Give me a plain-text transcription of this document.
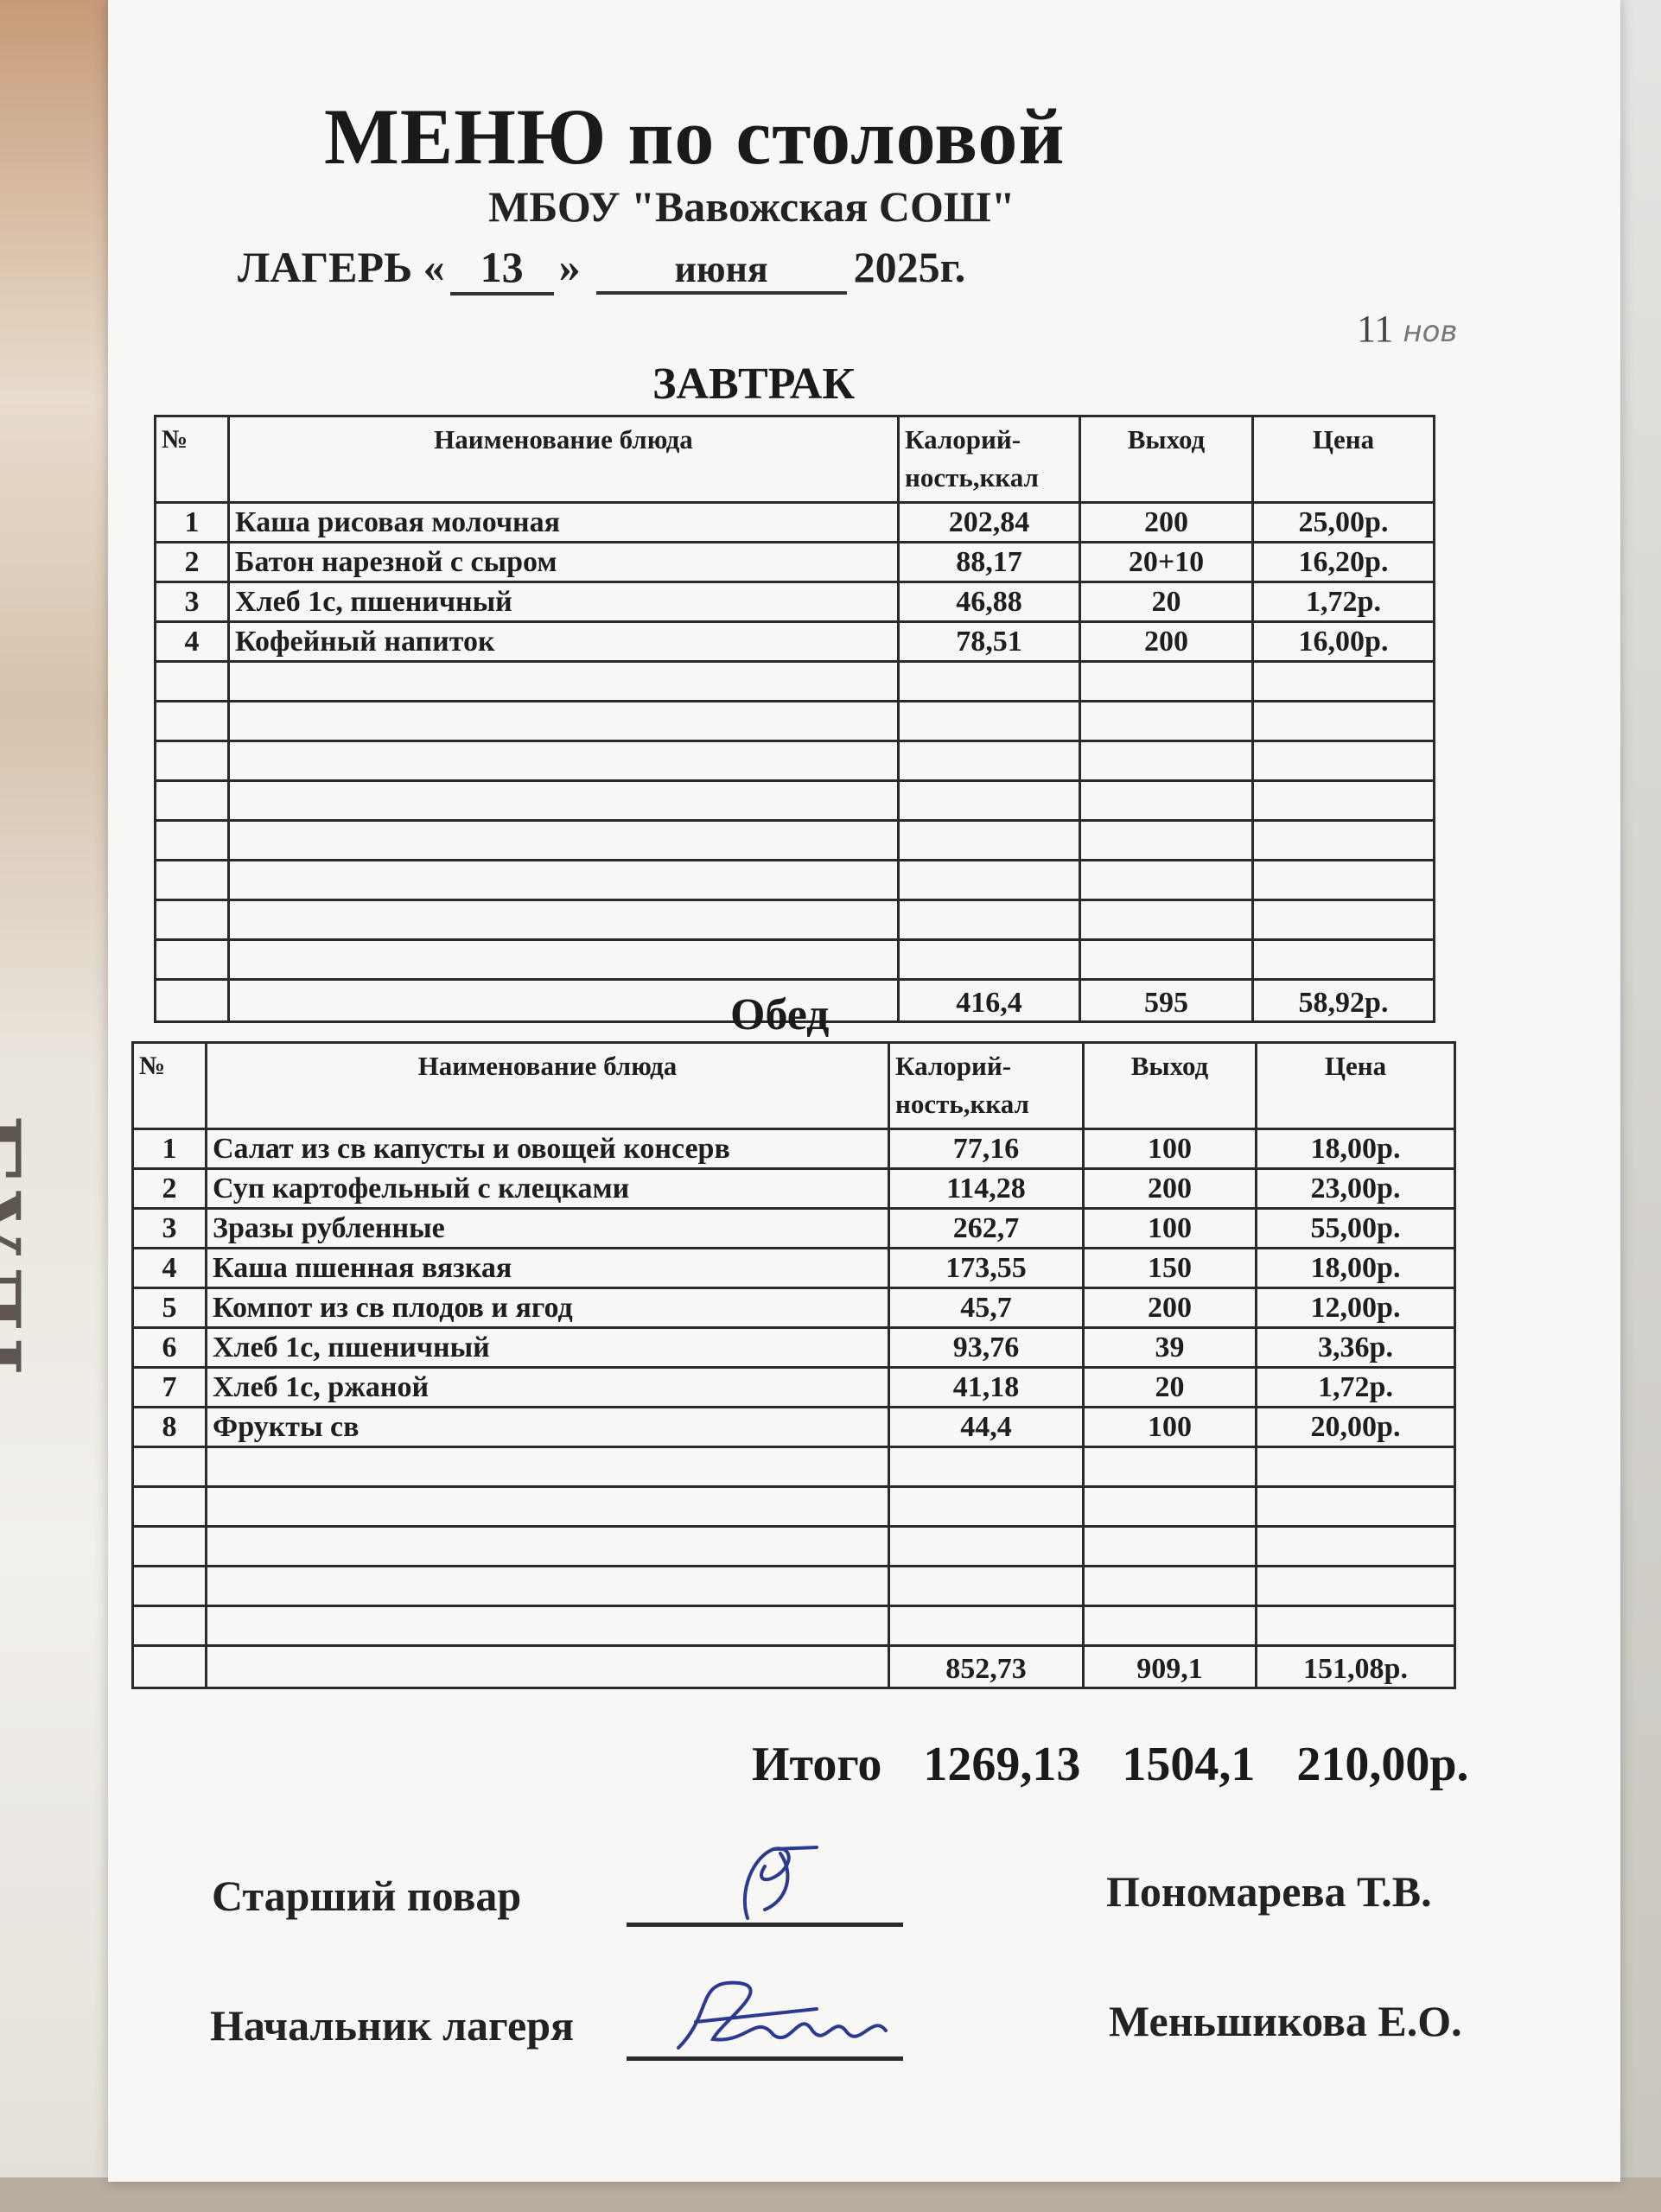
МЕНЮ по столовой
МБОУ "Вавожская СОШ"
ЛАГЕРЬ « 13 » июня 2025г.
11 нов
ЗАВТРАК
№	Наименование блюда	Калорий-ность,ккал	Выход	Цена
1	Каша рисовая молочная	202,84	200	25,00р.
2	Батон нарезной с сыром	88,17	20+10	16,20р.
3	Хлеб 1с, пшеничный	46,88	20	1,72р.
4	Кофейный напиток	78,51	200	16,00р.

		416,4	595	58,92р.
Обед
№	Наименование блюда	Калорий-ность,ккал	Выход	Цена
1	Салат из св капусты и овощей консерв	77,16	100	18,00р.
2	Суп картофельный с клецками	114,28	200	23,00р.
3	Зразы рубленные	262,7	100	55,00р.
4	Каша пшенная вязкая	173,55	150	18,00р.
5	Компот из св плодов и ягод	45,7	200	12,00р.
6	Хлеб 1с, пшеничный	93,76	39	3,36р.
7	Хлеб 1с, ржаной	41,18	20	1,72р.
8	Фрукты св	44,4	100	20,00р.

		852,73	909,1	151,08р.
Итого 1269,13 1504,1 210,00р.
Старший повар	Пономарева Т.В.
Начальник лагеря	Меньшикова Е.О.
